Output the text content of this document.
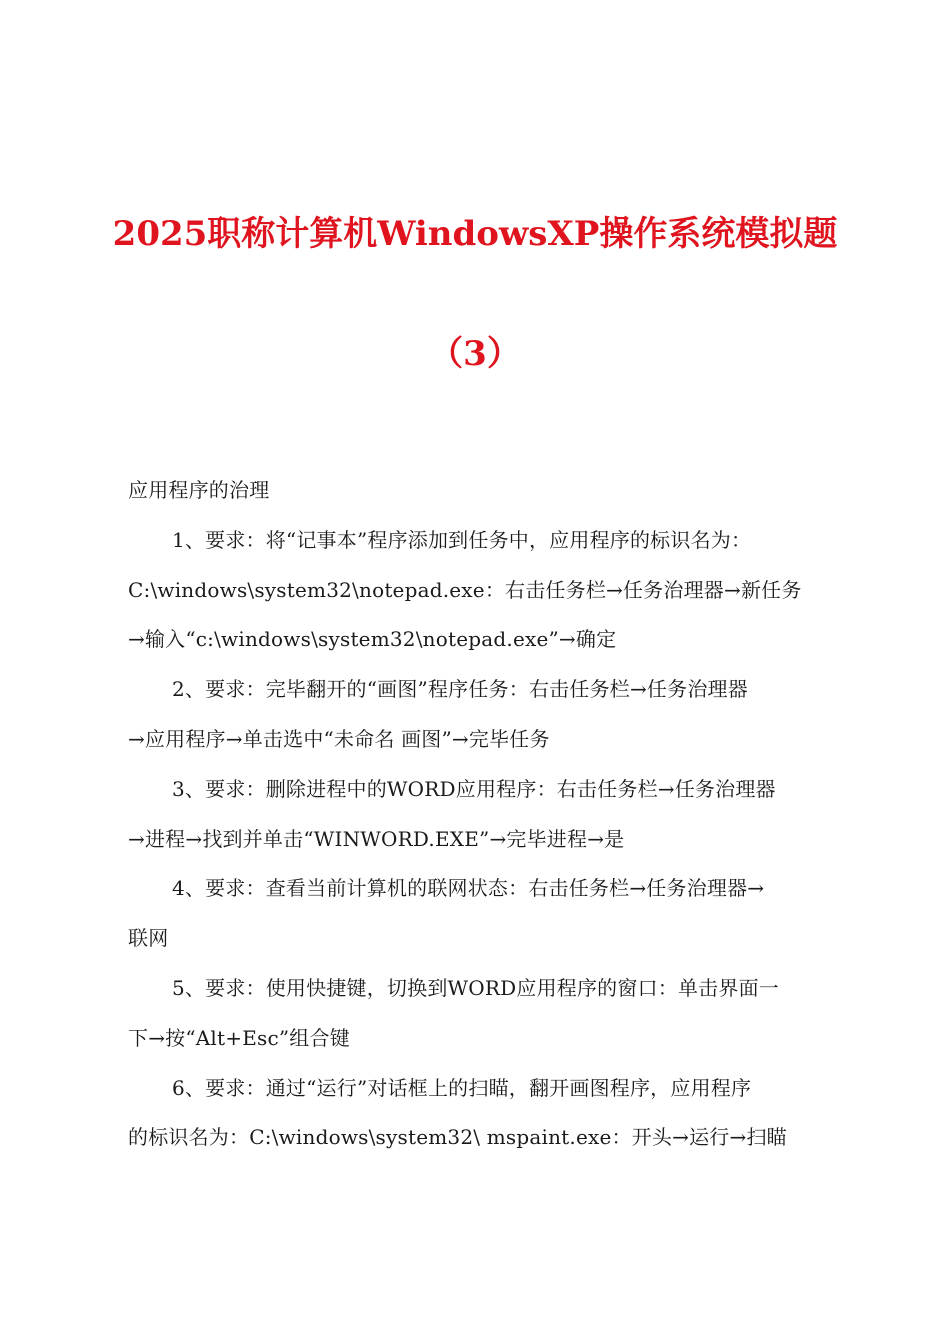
2025职称计算机WindowsXP操作系统模拟题
（3）
应用程序的治理
1、要求：将“记事本”程序添加到任务中，应用程序的标识名为：
C:\windows\system32\notepad.exe：右击任务栏→任务治理器→新任务
→输入“c:\windows\system32\notepad.exe”→确定
2、要求：完毕翻开的“画图”程序任务：右击任务栏→任务治理器
→应用程序→单击选中“未命名 画图”→完毕任务
3、要求：删除进程中的WORD应用程序：右击任务栏→任务治理器
→进程→找到并单击“WINWORD.EXE”→完毕进程→是
4、要求：查看当前计算机的联网状态：右击任务栏→任务治理器→
联网
5、要求：使用快捷键，切换到WORD应用程序的窗口：单击界面一
下→按“Alt+Esc”组合键
6、要求：通过“运行”对话框上的扫瞄，翻开画图程序，应用程序
的标识名为：C:\windows\system32\ mspaint.exe：开头→运行→扫瞄
